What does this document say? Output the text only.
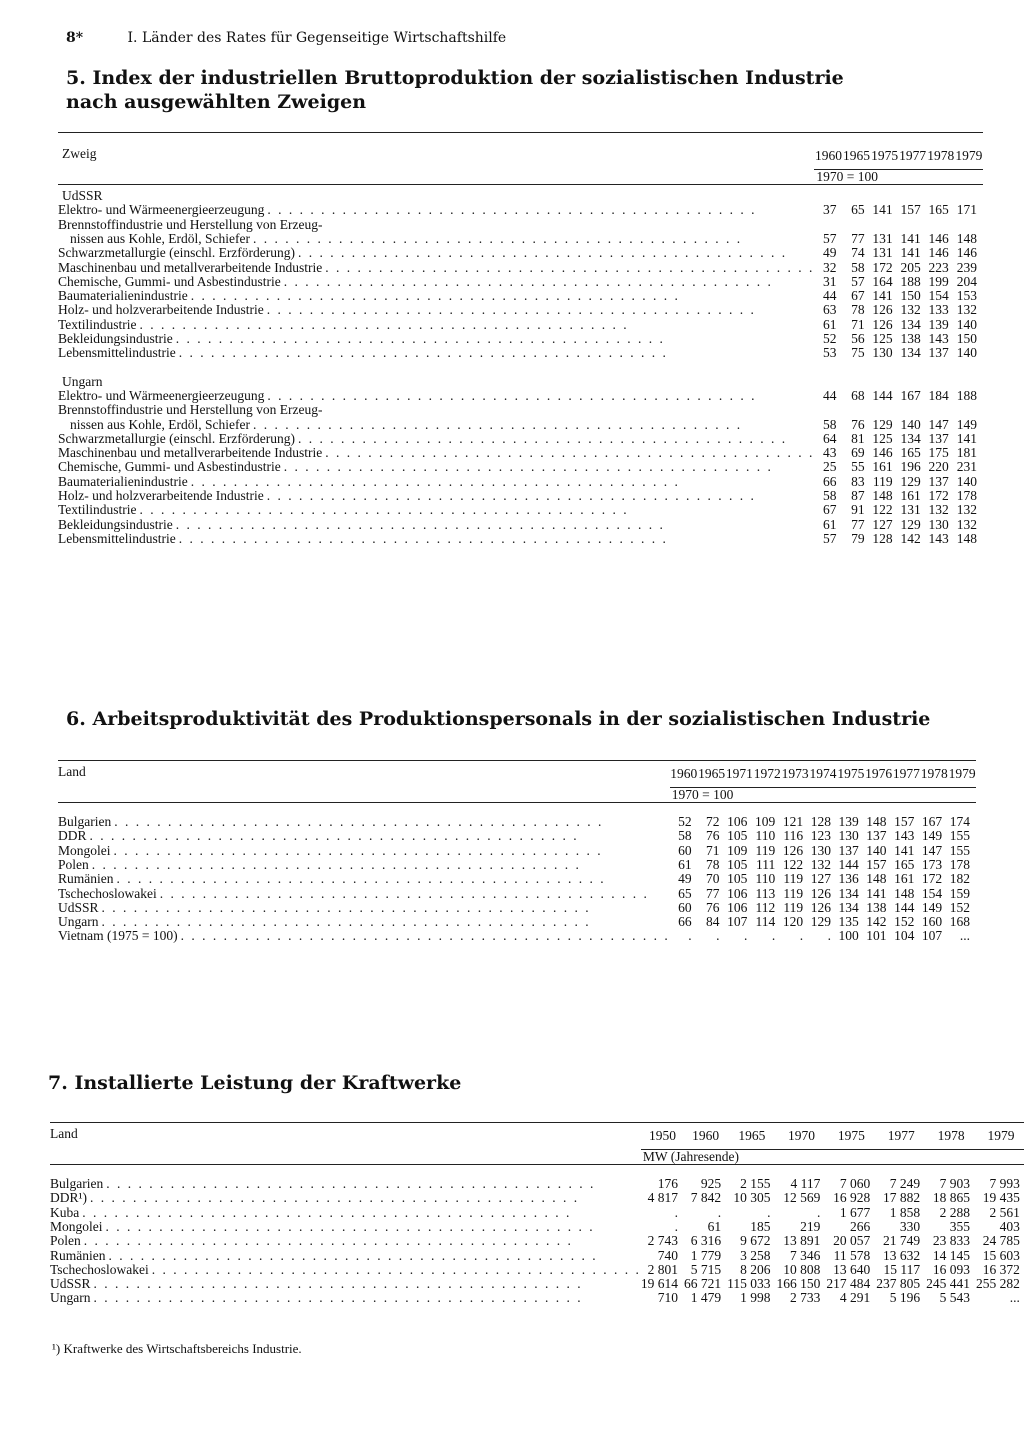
8*	I. Länder des Rates für Gegenseitige Wirtschaftshilfe
5. Index der industriellen Bruttoproduktion der sozialistischen Industrie
nach ausgewählten Zweigen
Zweig	1960	1965	1975	1977	1978	1979
	1970 = 100					

UdSSR						

Elektro- und Wärmeenergieerzeugung
. . .	37	65	141	157	165	171
Brennstoffindustrie und Herstellung von Erzeug-						

nissen aus Kohle, Erdöl, Schiefer
. . .	57	77	131	141	146	148

Schwarzmetallurgie (einschl. Erzförderung)
. . .	49	74	131	141	146	146

Maschinenbau und metallverarbeitende Industrie
. . .	32	58	172	205	223	239

Chemische, Gummi- und Asbestindustrie
. . .	31	57	164	188	199	204

Baumaterialienindustrie
. . .	44	67	141	150	154	153

Holz- und holzverarbeitende Industrie
. . .	63	78	126	132	133	132

Textilindustrie
. . .	61	71	126	134	139	140

Bekleidungsindustrie
. . .	52	56	125	138	143	150

Lebensmittelindustrie
. . .	53	75	130	134	137	140

Ungarn						

Elektro- und Wärmeenergieerzeugung
. . .	44	68	144	167	184	188
Brennstoffindustrie und Herstellung von Erzeug-						

nissen aus Kohle, Erdöl, Schiefer
. . .	58	76	129	140	147	149

Schwarzmetallurgie (einschl. Erzförderung)
. . .	64	81	125	134	137	141

Maschinenbau und metallverarbeitende Industrie
. . .	43	69	146	165	175	181

Chemische, Gummi- und Asbestindustrie
. . .	25	55	161	196	220	231

Baumaterialienindustrie
. . .	66	83	119	129	137	140

Holz- und holzverarbeitende Industrie
. . .	58	87	148	161	172	178

Textilindustrie
. . .	67	91	122	131	132	132

Bekleidungsindustrie
. . .	61	77	127	129	130	132

Lebensmittelindustrie
. . .	57	79	128	142	143	148
6. Arbeitsproduktivität des Produktionspersonals in der sozialistischen Industrie
Land	1960	1965	1971	1972	1973	1974	1975	1976	1977	1978	1979
	1970 = 100										

Bulgarien
. . .	52	72	106	109	121	128	139	148	157	167	174

DDR
. . .	58	76	105	110	116	123	130	137	143	149	155

Mongolei
. . .	60	71	109	119	126	130	137	140	141	147	155

Polen
. . .	61	78	105	111	122	132	144	157	165	173	178

Rumänien
. . .	49	70	105	110	119	127	136	148	161	172	182

Tschechoslowakei
. . .	65	77	106	113	119	126	134	141	148	154	159

UdSSR
. . .	60	76	106	112	119	126	134	138	144	149	152

Ungarn
. . .	66	84	107	114	120	129	135	142	152	160	168

Vietnam (1975 = 100)
. . .	.	.	.	.	.	.	100	101	104	107	...
7. Installierte Leistung der Kraftwerke
Land	1950	1960	1965	1970	1975	1977	1978	1979
	MW (Jahresende)							

Bulgarien
. . .	176	925	2 155	4 117	7 060	7 249	7 903	7 993

DDR¹)
. . .	4 817	7 842	10 305	12 569	16 928	17 882	18 865	19 435

Kuba
. . .	.	.	.	.	1 677	1 858	2 288	2 561

Mongolei
. . .	.	61	185	219	266	330	355	403

Polen
. . .	2 743	6 316	9 672	13 891	20 057	21 749	23 833	24 785

Rumänien
. . .	740	1 779	3 258	7 346	11 578	13 632	14 145	15 603

Tschechoslowakei
. . .	2 801	5 715	8 206	10 808	13 640	15 117	16 093	16 372

UdSSR
. . .	19 614	66 721	115 033	166 150	217 484	237 805	245 441	255 282

Ungarn
. . .	710	1 479	1 998	2 733	4 291	5 196	5 543	...
¹) Kraftwerke des Wirtschaftsbereichs Industrie.
